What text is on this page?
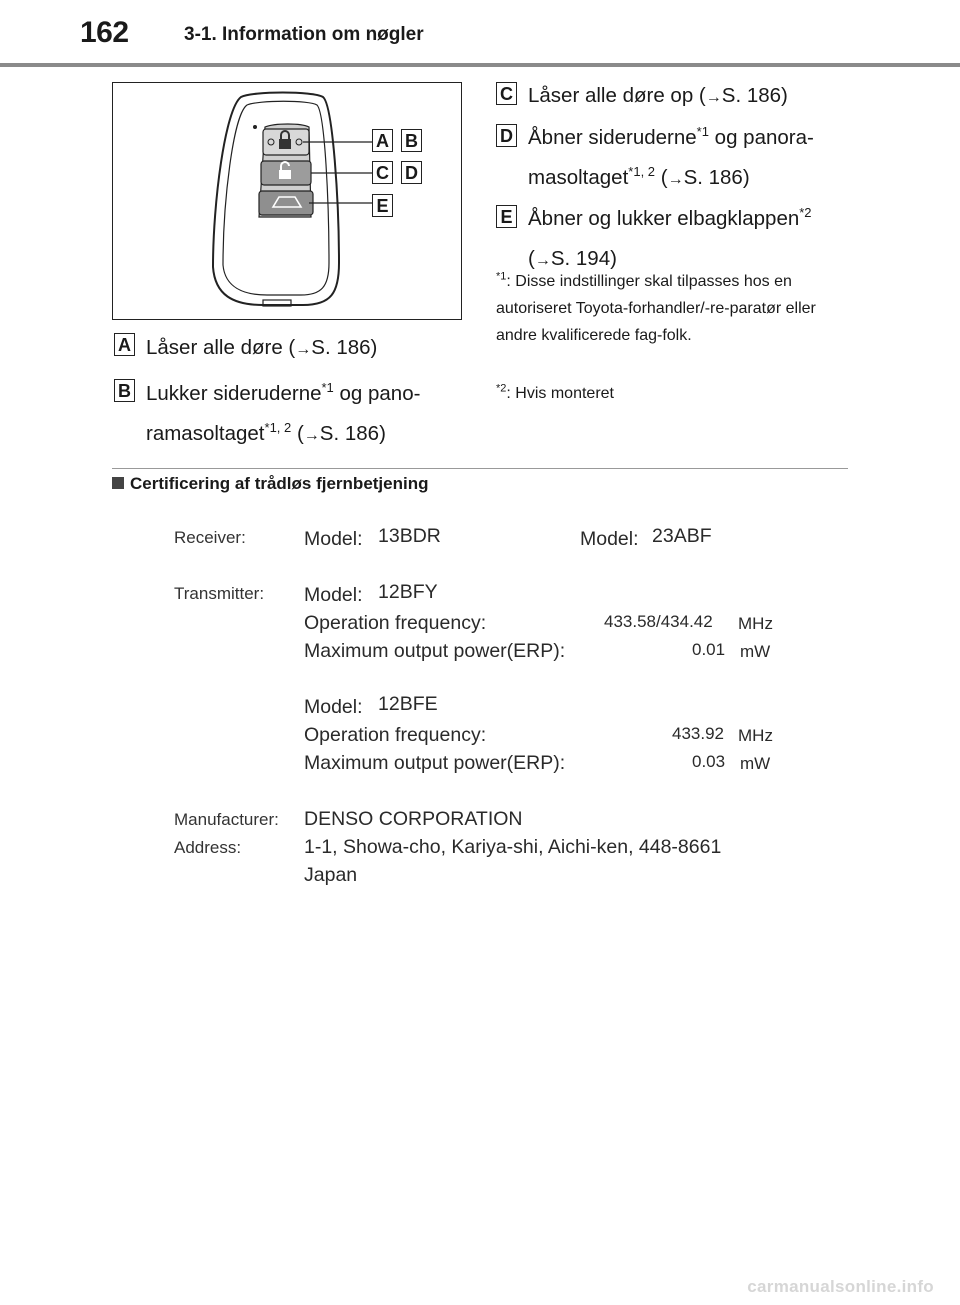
162	3-1. Information om nøgler
A B
C D
E
A Låser alle døre (→S. 186)
B Lukker sideruderne$^{*1}$ og pano-
ramasoltaget$^{*1, 2}$ (→S. 186)
C Låser alle døre op (→S. 186)
D Åbner sideruderne$^{*1}$ og panora-
masoltaget$^{*1, 2}$ (→S. 186)
E Åbner og lukker elbagklappen$^{*2}$
(→S. 194)
$^{*1}$: Disse indstillinger skal tilpasses hos en autoriseret Toyota-forhandler/-re-paratør eller andre kvalificerede fag-folk.
$^{*2}$: Hvis monteret
Certificering af trådløs fjernbetjening
Receiver:	Model: 13BDR	Model: 23ABF
Transmitter: Model: 12BFY
Operation frequency:	433.58/434.42 MHz
Maximum output power(ERP):	0.01 mW
Model: 12BFE
Operation frequency:	433.92 MHz
Maximum output power(ERP):	0.03 mW
Manufacturer: DENSO CORPORATION
Address:	1-1, Showa-cho, Kariya-shi, Aichi-ken, 448-8661
Japan
carmanualsonline.info
